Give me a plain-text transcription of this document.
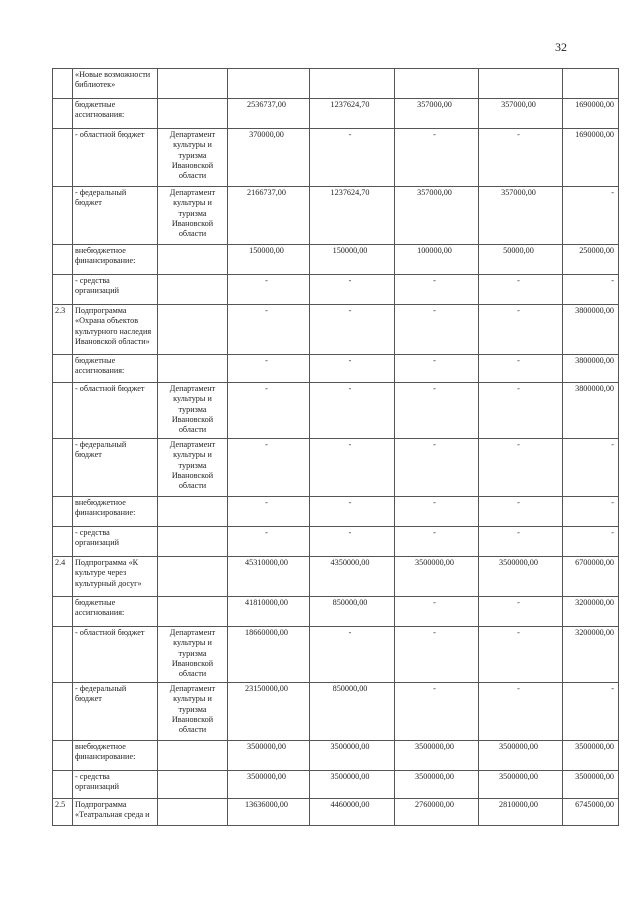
32
	«Новые возможности библиотек»		

	бюджетные ассигнования:		2536737,00	1237624,70	357000,00	357000,00	1690000,00

	- областной бюджет	Департамент культуры и туризма Ивановской области	370000,00	-	-	-	1690000,00

	- федеральный бюджет	Департамент культуры и туризма Ивановской области	2166737,00	1237624,70	357000,00	357000,00	-

	внебюджетное финансирование:		150000,00	150000,00	100000,00	50000,00	250000,00

	- средства организаций		-	-	-	-	-

2.3	Подпрограмма «Охрана объектов культурного наследия Ивановской области»		-	-	-	-	3800000,00

	бюджетные ассигнования:		-	-	-	-	3800000,00

	- областной бюджет	Департамент культуры и туризма Ивановской области	-	-	-	-	3800000,00

	- федеральный бюджет	Департамент культуры и туризма Ивановской области	-	-	-	-	-

	внебюджетное финансирование:		-	-	-	-	-

	- средства организаций		-	-	-	-	-

2.4	Подпрограмма «К культуре через культурный досуг»		45310000,00	4350000,00	3500000,00	3500000,00	6700000,00

	бюджетные ассигнования:		41810000,00	850000,00	-	-	3200000,00

	- областной бюджет	Департамент культуры и туризма Ивановской области	18660000,00	-	-	-	3200000,00

	- федеральный бюджет	Департамент культуры и туризма Ивановской области	23150000,00	850000,00	-	-	-

	внебюджетное финансирование:		3500000,00	3500000,00	3500000,00	3500000,00	3500000,00

	- средства организаций		3500000,00	3500000,00	3500000,00	3500000,00	3500000,00

2.5	Подпрограмма «Театральная среда и		13636000,00	4460000,00	2760000,00	2810000,00	6745000,00
